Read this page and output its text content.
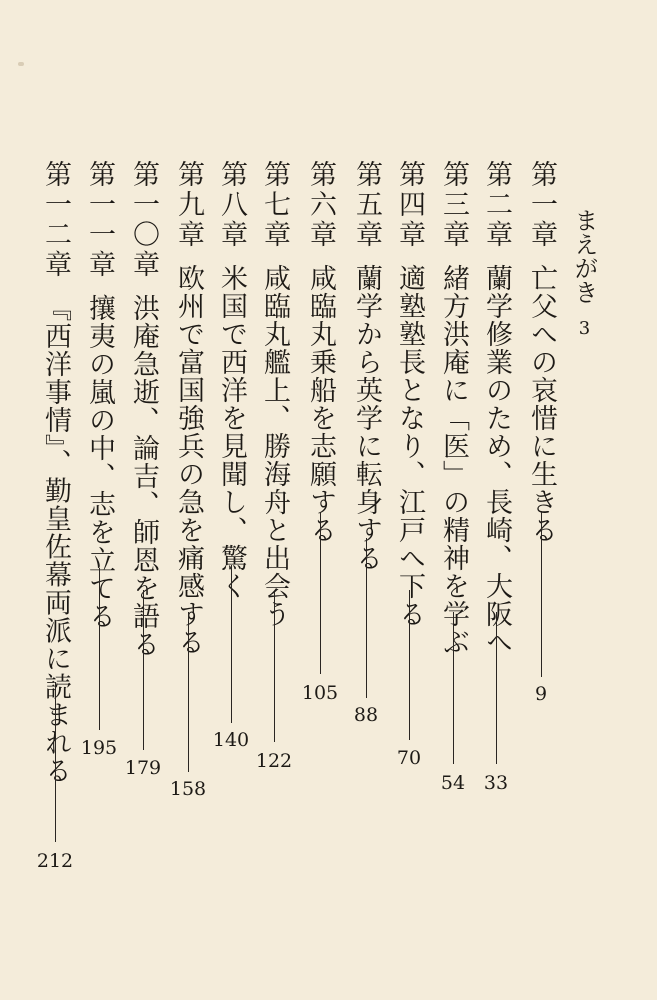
まえがき3
第一章亡父への哀惜に生きる
9
第二章蘭学修業のため、長崎、大阪へ
33
第三章緒方洪庵に「医」の精神を学ぶ
54
第四章適塾塾長となり、江戸へ下る
70
第五章蘭学から英学に転身する
88
第六章咸臨丸乗船を志願する
105
第七章咸臨丸艦上、勝海舟と出会う
122
第八章米国で西洋を見聞し、驚く
140
第九章欧州で富国強兵の急を痛感する
158
第一〇章洪庵急逝、論吉、師恩を語る
179
第一一章攘夷の嵐の中、志を立てる
195
第一二章『西洋事情』、勤皇佐幕両派に読まれる
212
